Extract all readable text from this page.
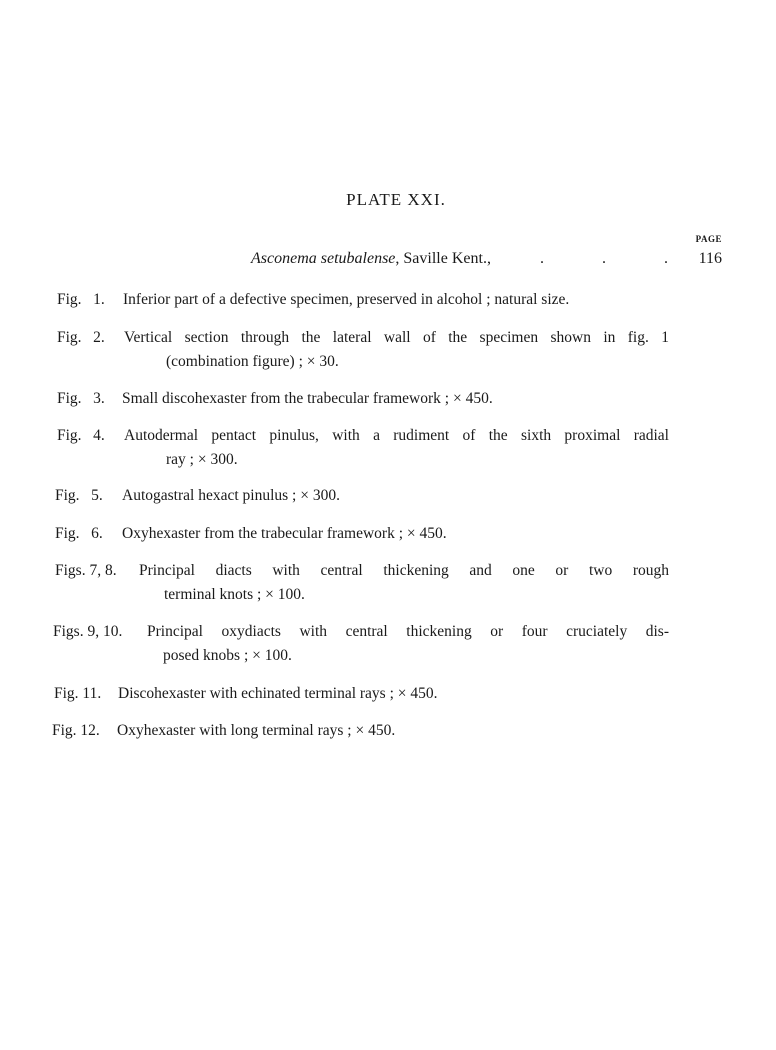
PLATE XXI.
PAGE
Asconema setubalense, Saville Kent.,	.	.	. 116
Fig.   1. Inferior part of a defective specimen, preserved in alcohol ; natural size.
Fig.   2. Vertical section through the lateral wall of the specimen shown in fig. 1
(combination figure) ; × 30.
Fig.   3. Small discohexaster from the trabecular framework ; × 450.
Fig.   4. Autodermal pentact pinulus, with a rudiment of the sixth proximal radial
ray ; × 300.
Fig.   5. Autogastral hexact pinulus ; × 300.
Fig.   6. Oxyhexaster from the trabecular framework ; × 450.
Figs. 7, 8. Principal diacts with central thickening and one or two rough
terminal knots ; × 100.
Figs. 9, 10. Principal oxydiacts with central thickening or four cruciately dis-
posed knobs ; × 100.
Fig. 11. Discohexaster with echinated terminal rays ; × 450.
Fig. 12. Oxyhexaster with long terminal rays ; × 450.
